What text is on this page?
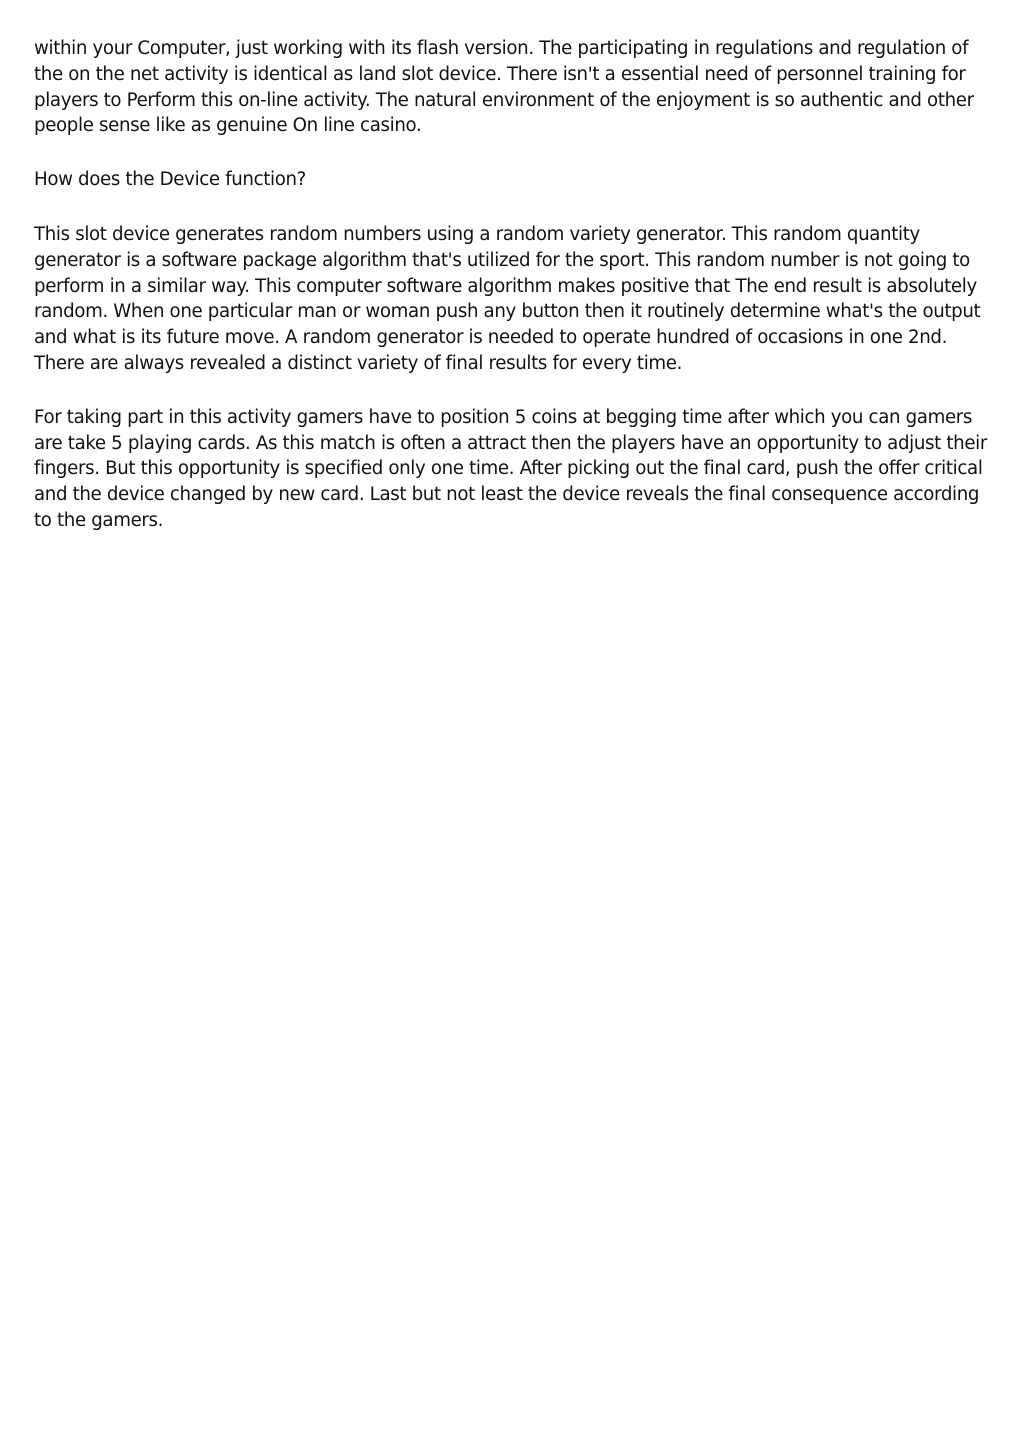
within your Computer, just working with its flash version. The participating in regulations and regulation of the on the net activity is identical as land slot device. There isn't a essential need of personnel training for players to Perform this on-line activity. The natural environment of the enjoyment is so authentic and other people sense like as genuine On line casino.

How does the Device function?

This slot device generates random numbers using a random variety generator. This random quantity generator is a software package algorithm that's utilized for the sport. This random number is not going to perform in a similar way. This computer software algorithm makes positive that The end result is absolutely random. When one particular man or woman push any button then it routinely determine what's the output and what is its future move. A random generator is needed to operate hundred of occasions in one 2nd. There are always revealed a distinct variety of final results for every time.

For taking part in this activity gamers have to position 5 coins at begging time after which you can gamers are take 5 playing cards. As this match is often a attract then the players have an opportunity to adjust their fingers. But this opportunity is specified only one time. After picking out the final card, push the offer critical and the device changed by new card. Last but not least the device reveals the final consequence according to the gamers.
